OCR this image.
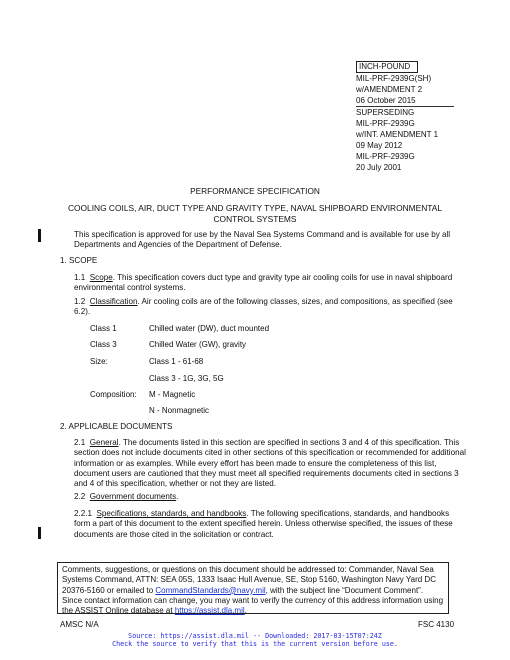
INCH-POUND
MIL-PRF-2939G(SH)
w/AMENDMENT 2
06 October 2015
SUPERSEDING
MIL-PRF-2939G
w/INT. AMENDMENT 1
09 May 2012
MIL-PRF-2939G
20 July 2001
PERFORMANCE SPECIFICATION
COOLING COILS, AIR, DUCT TYPE AND GRAVITY TYPE, NAVAL SHIPBOARD ENVIRONMENTAL
CONTROL SYSTEMS
This specification is approved for use by the Naval Sea Systems Command and is available for use by all Departments and Agencies of the Department of Defense.
1. SCOPE
1.1 Scope. This specification covers duct type and gravity type air cooling coils for use in naval shipboard environmental control systems.
1.2 Classification. Air cooling coils are of the following classes, sizes, and compositions, as specified (see 6.2).
Class 1	Chilled water (DW), duct mounted
Class 3	Chilled Water (GW), gravity
Size:	Class 1 - 61-68
Class 3 - 1G, 3G, 5G
Composition: M - Magnetic
N - Nonmagnetic
2. APPLICABLE DOCUMENTS
2.1 General. The documents listed in this section are specified in sections 3 and 4 of this specification. This section does not include documents cited in other sections of this specification or recommended for additional information or as examples. While every effort has been made to ensure the completeness of this list, document users are cautioned that they must meet all specified requirements documents cited in sections 3 and 4 of this specification, whether or not they are listed.
2.2 Government documents.
2.2.1 Specifications, standards, and handbooks. The following specifications, standards, and handbooks form a part of this document to the extent specified herein. Unless otherwise specified, the issues of these documents are those cited in the solicitation or contract.
Comments, suggestions, or questions on this document should be addressed to: Commander, Naval Sea Systems Command, ATTN: SEA 05S, 1333 Isaac Hull Avenue, SE, Stop 5160, Washington Navy Yard DC 20376-5160 or emailed to CommandStandards@navy.mil, with the subject line “Document Comment”. Since contact information can change, you may want to verify the currency of this address information using the ASSIST Online database at https://assist.dla.mil.
AMSC N/A	FSC 4130
Source: https://assist.dla.mil -- Downloaded: 2017-03-15T07:24Z
Check the source to verify that this is the current version before use.
